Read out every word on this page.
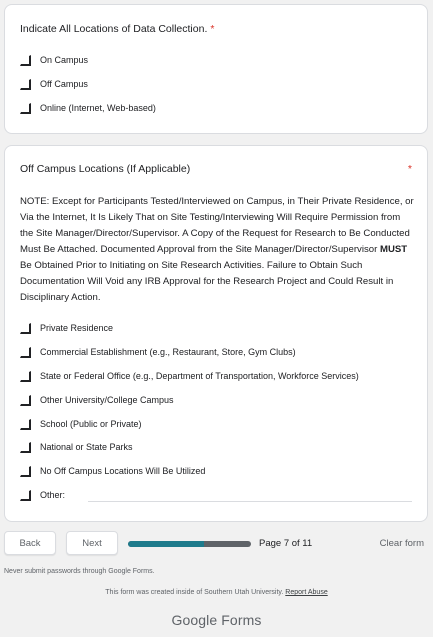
Indicate All Locations of Data Collection. *
On Campus
Off Campus
Online (Internet, Web-based)
Off Campus Locations (If Applicable)	*
NOTE: Except for Participants Tested/Interviewed on Campus, in Their Private Residence, or Via the Internet, It Is Likely That on Site Testing/Interviewing Will Require Permission from the Site Manager/Director/Supervisor. A Copy of the Request for Research to Be Conducted Must Be Attached. Documented Approval from the Site Manager/Director/Supervisor MUST Be Obtained Prior to Initiating on Site Research Activities. Failure to Obtain Such Documentation Will Void any IRB Approval for the Research Project and Could Result in Disciplinary Action.
Private Residence
Commercial Establishment (e.g., Restaurant, Store, Gym Clubs)
State or Federal Office (e.g., Department of Transportation, Workforce Services)
Other University/College Campus
School (Public or Private)
National or State Parks
No Off Campus Locations Will Be Utilized
Other:
Back	Next	Page 7 of 11	Clear form
Never submit passwords through Google Forms.
This form was created inside of Southern Utah University. Report Abuse
Google Forms
